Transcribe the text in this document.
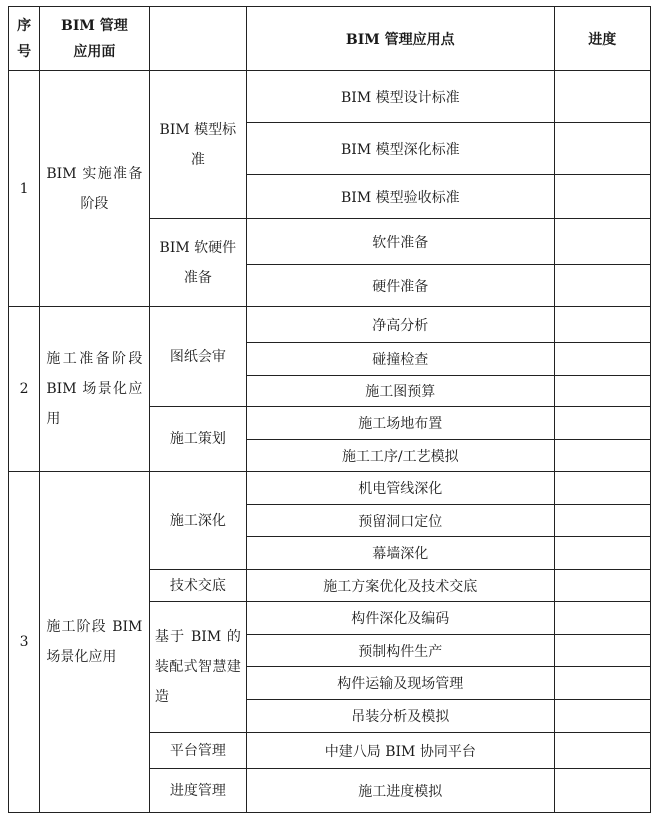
序号	BIM 管理应用面		BIM 管理应用点	进度
1	BIM 实施准备阶段	BIM 模型标准	BIM 模型设计标准	
			BIM 模型深化标准	
			BIM 模型验收标准	
		BIM 软硬件准备	软件准备	
			硬件准备	
2	施工准备阶段 BIM 场景化应用	图纸会审	净高分析	
			碰撞检查	
			施工图预算	
		施工策划	施工场地布置	
			施工工序/工艺模拟	
3	施工阶段 BIM 场景化应用	施工深化	机电管线深化	
			预留洞口定位	
			幕墙深化	
		技术交底	施工方案优化及技术交底	
		基于 BIM 的装配式智慧建造	构件深化及编码	
			预制构件生产	
			构件运输及现场管理	
			吊装分析及模拟	
		平台管理	中建八局 BIM 协同平台	
		进度管理	施工进度模拟	
